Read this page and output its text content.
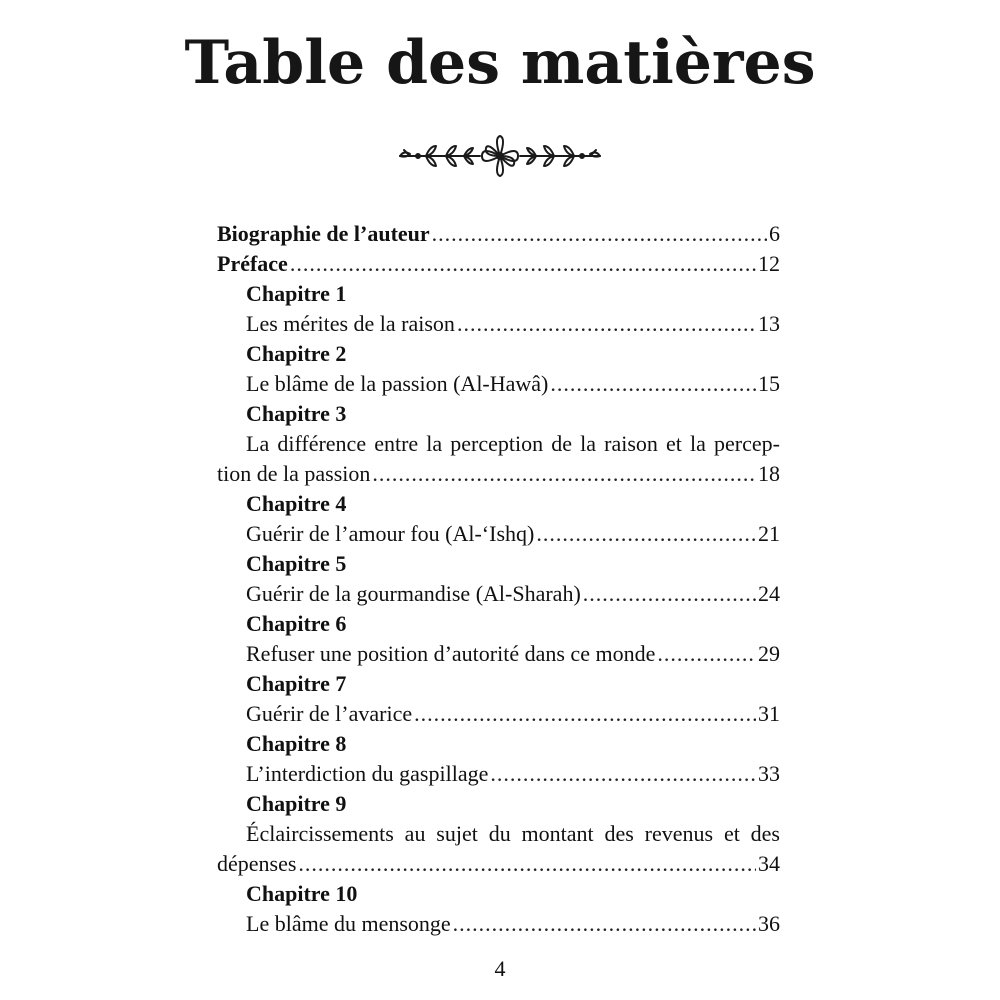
Table des matières
Biographie de l’auteur .....	6
Préface .....	12
Chapitre 1
Les mérites de la raison .....	13
Chapitre 2
Le blâme de la passion (Al-Hawâ) .....	15
Chapitre 3
La différence entre la perception de la raison et la percep-
tion de la passion .....	18
Chapitre 4
Guérir de l’amour fou (Al-‘Ishq) .....	21
Chapitre 5
Guérir de la gourmandise (Al-Sharah) .....	24
Chapitre 6
Refuser une position d’autorité dans ce monde .....	29
Chapitre 7
Guérir de l’avarice .....	31
Chapitre 8
L’interdiction du gaspillage .....	33
Chapitre 9
Éclaircissements au sujet du montant des revenus et des
dépenses .....	34
Chapitre 10
Le blâme du mensonge .....	36
4
